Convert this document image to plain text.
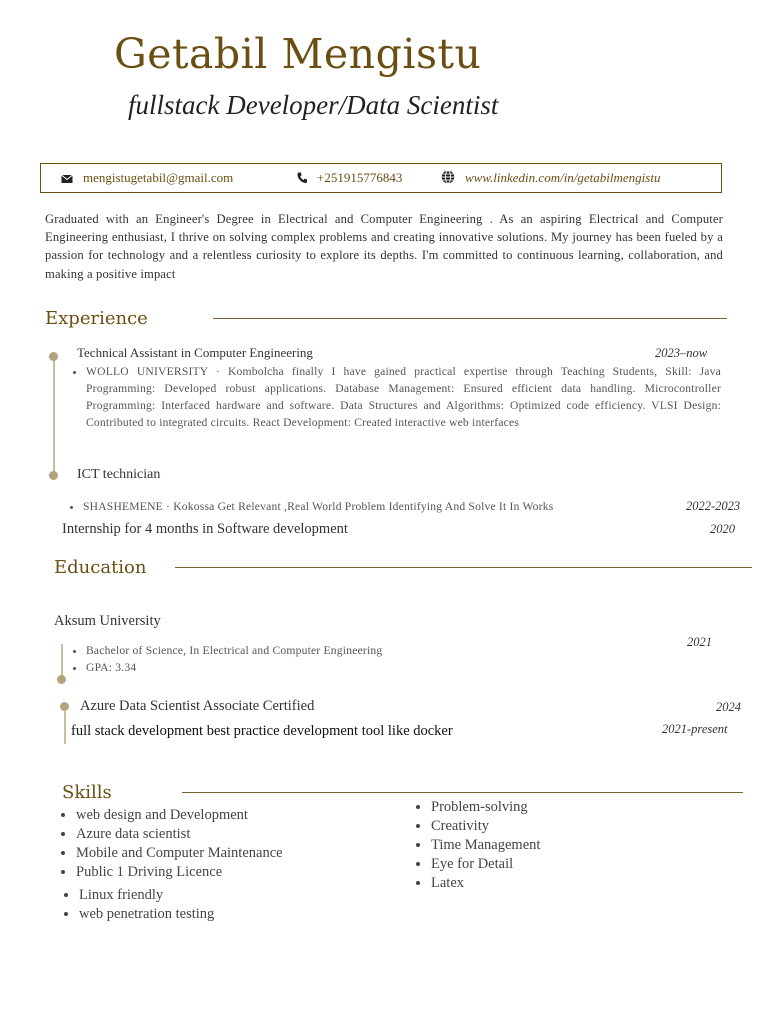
Getabil Mengistu
fullstack Developer/Data Scientist
mengistugetabil@gmail.com	+251915776843	www.linkedin.com/in/getabilmengistu
Graduated with an Engineer's Degree in Electrical and Computer Engineering . As an aspiring Electrical and Computer Engineering enthusiast, I thrive on solving complex problems and creating innovative solutions. My journey has been fueled by a passion for technology and a relentless curiosity to explore its depths. I'm committed to continuous learning, collaboration, and making a positive impact
Experience
Technical Assistant in Computer Engineering	2023–now
• WOLLO UNIVERSITY · Kombolcha finally I have gained practical expertise through Teaching Students, Skill: Java Programming: Developed robust applications. Database Management: Ensured efficient data handling. Microcontroller Programming: Interfaced hardware and software. Data Structures and Algorithms: Optimized code efficiency. VLSI Design: Contributed to integrated circuits. React Development: Created interactive web interfaces
ICT technician
• SHASHEMENE · Kokossa Get Relevant ,Real World Problem Identifying And Solve It In Works	2022-2023
Internship for 4 months in Software development	2020
Education
Aksum University
2021
• Bachelor of Science, In Electrical and Computer Engineering
• GPA: 3.34
Azure Data Scientist Associate Certified	2024
full stack development best practice development tool like docker	2021-present
Skills
• web design and Development
• Azure data scientist
• Mobile and Computer Maintenance
• Public 1 Driving Licence
• Linux friendly
• web penetration testing
• Problem-solving
• Creativity
• Time Management
• Eye for Detail
• Latex
